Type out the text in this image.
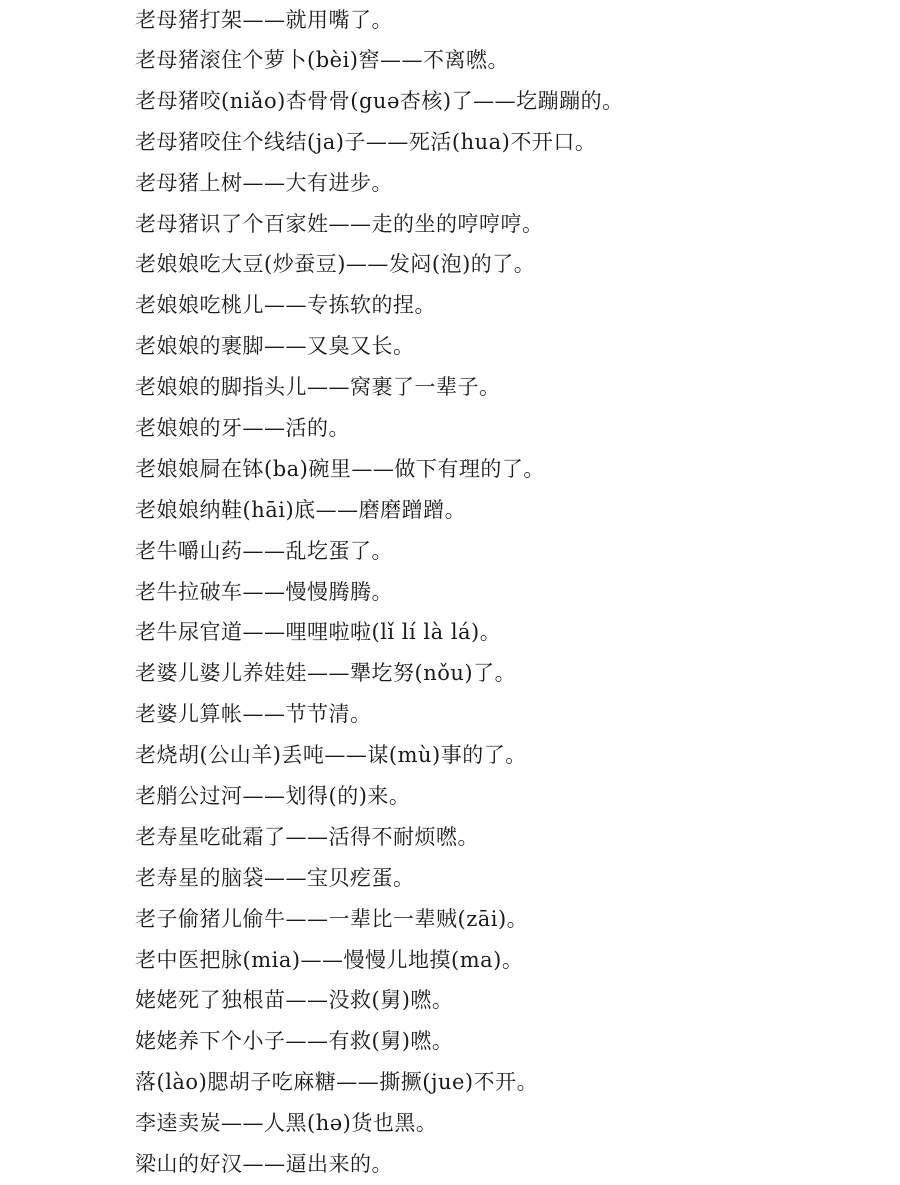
老母猪打架——就用嘴了。
老母猪滚住个萝卜(bèi)窖——不离嘫。
老母猪咬(niǎo)杏骨骨(guə杏核)了——圪蹦蹦的。
老母猪咬住个线结(ja)子——死活(hua)不开口。
老母猪上树——大有进步。
老母猪识了个百家姓——走的坐的哼哼哼。
老娘娘吃大豆(炒蚕豆)——发闷(泡)的了。
老娘娘吃桃儿——专拣软的捏。
老娘娘的裹脚——又臭又长。
老娘娘的脚指头儿——窝裹了一辈子。
老娘娘的牙——活的。
老娘娘屙在钵(ba)碗里——做下有理的了。
老娘娘纳鞋(hāi)底——磨磨蹭蹭。
老牛嚼山药——乱圪蛋了。
老牛拉破车——慢慢腾腾。
老牛尿官道——哩哩啦啦(lǐ lí là lá)。
老婆儿婆儿养娃娃——犟圪努(nǒu)了。
老婆儿算帐——节节清。
老烧胡(公山羊)丢吨——谋(mù)事的了。
老艄公过河——划得(的)来。
老寿星吃砒霜了——活得不耐烦嘫。
老寿星的脑袋——宝贝疙蛋。
老子偷猪儿偷牛——一辈比一辈贼(zāi)。
老中医把脉(mia)——慢慢儿地摸(ma)。
姥姥死了独根苗——没救(舅)嘫。
姥姥养下个小子——有救(舅)嘫。
落(lào)腮胡子吃麻糖——撕撅(jue)不开。
李逵卖炭——人黑(hə)货也黑。
梁山的好汉——逼出来的。
